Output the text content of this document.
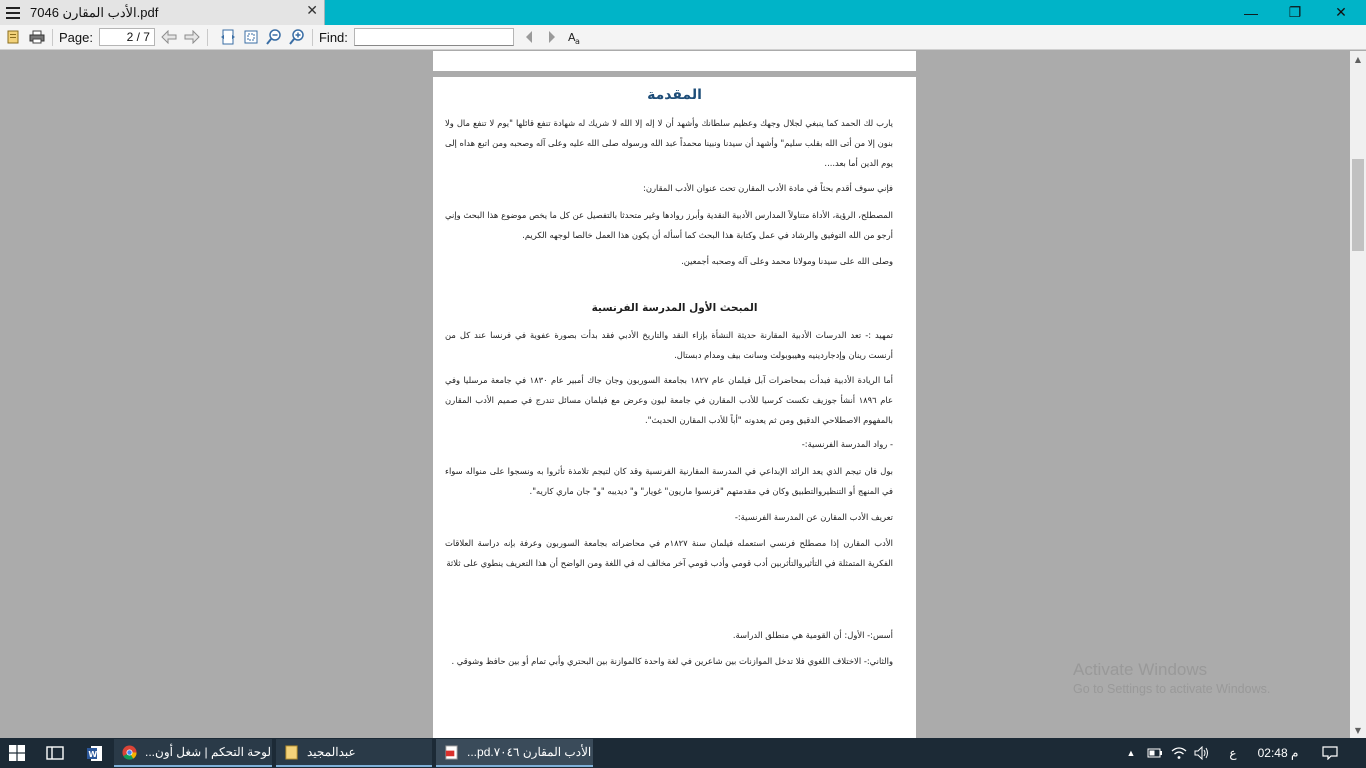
7046 الأدب المقارن.pdf	✕	—	❐	✕
Page:	2 / 7	Find:	A a
المقدمة
يارب لك الحمد كما ينبغي لجلال وجهك وعظيم سلطانك وأشهد أن لا إله إلا الله لا شريك له شهادة تنفع قائلها "يوم لا تنفع مال ولا بنون إلا من أتى الله بقلب سليم" وأشهد أن سيدنا ونبينا محمداً عبد الله ورسوله صلى الله عليه وعلى آله وصحبه ومن اتبع هداه إلى يوم الدين أما بعد....
فإني سوف أقدم بحثاً في مادة الأدب المقارن تحت عنوان الأدب المقارن:
المصطلح، الرؤية، الأداة متناولاً المدارس الأدبية النقدية وأبرز روادها وغير متحدثا بالتفصيل عن كل ما يخص موضوع هذا البحث وإني أرجو من الله التوفيق والرشاد في عمل وكتابة هذا البحث كما أسأله أن يكون هذا العمل خالصا لوجهه الكريم.
وصلى الله على سيدنا ومولانا محمد وعلى آله وصحبه أجمعين.
المبحث الأول المدرسة الفرنسية
تمهيد :- تعد الدرسات الأدبية المقارنة حديثة النشأة بإزاء النقد والتاريخ الأدبي فقد بدأت بصورة عفوية في فرنسا عند كل من أرنست رينان وإدجاردينيه وهيبوبولت وسانت بيف ومدام دبستال.
أما الريادة الأدبية فبدأت بمحاضرات آبل فيلمان عام ١٨٢٧ بجامعة السوربون وجان جاك أمبير عام ١٨٣٠ في جامعة مرسليا وفي عام ١٨٩٦ أنشأ جوزيف تكست كرسيا للأدب المقارن في جامعة ليون وعرض مع فيلمان مسائل تندرج في صميم الأدب المقارن بالمفهوم الاصطلاحي الدقيق ومن ثم يعدونه "أباً للأدب المقارن الحديث".
- رواد المدرسة الفرنسية:-
بول فان تيجم الذي يعد الرائد الإبداعي في المدرسة المقارنية الفرنسية وقد كان لتيجم تلامذة تأثروا به ونسجوا على منواله سواء في المنهج أو التنظيروالتطبيق وكان في مقدمتهم "فرنسوا ماريون" غويار" و" ديديبه "و" جان ماري كاريه".
تعريف الأدب المقارن عن المدرسة الفرنسية:-
الأدب المقارن إذا مصطلح فرنسي استعمله فيلمان سنة ١٨٢٧م في محاضراته بجامعة السوربون وعرفة بإنه دراسة العلاقات الفكرية المتمثلة في التأثيروالتأثربين أدب قومي وأدب قومي آخر مخالف له في اللغة ومن الواضح أن هذا التعريف ينطوي على ثلاثة
أسس:- الأول: أن القومية هي منطلق الدراسة.
والثاني:- الاختلاف اللغوي فلا تدخل الموازنات بين شاعرين في لغة واحدة كالموازنة بين البحتري وأبي تمام أو بين حافظ وشوقي .
▲
▼
Activate Windows
Go to Settings to activate Windows.
W	لوحة التحكم | شغل أون...	عبدالمجيد	الأدب المقارن ٧٠٤٦.pd...	▲	ع	02:48 م
